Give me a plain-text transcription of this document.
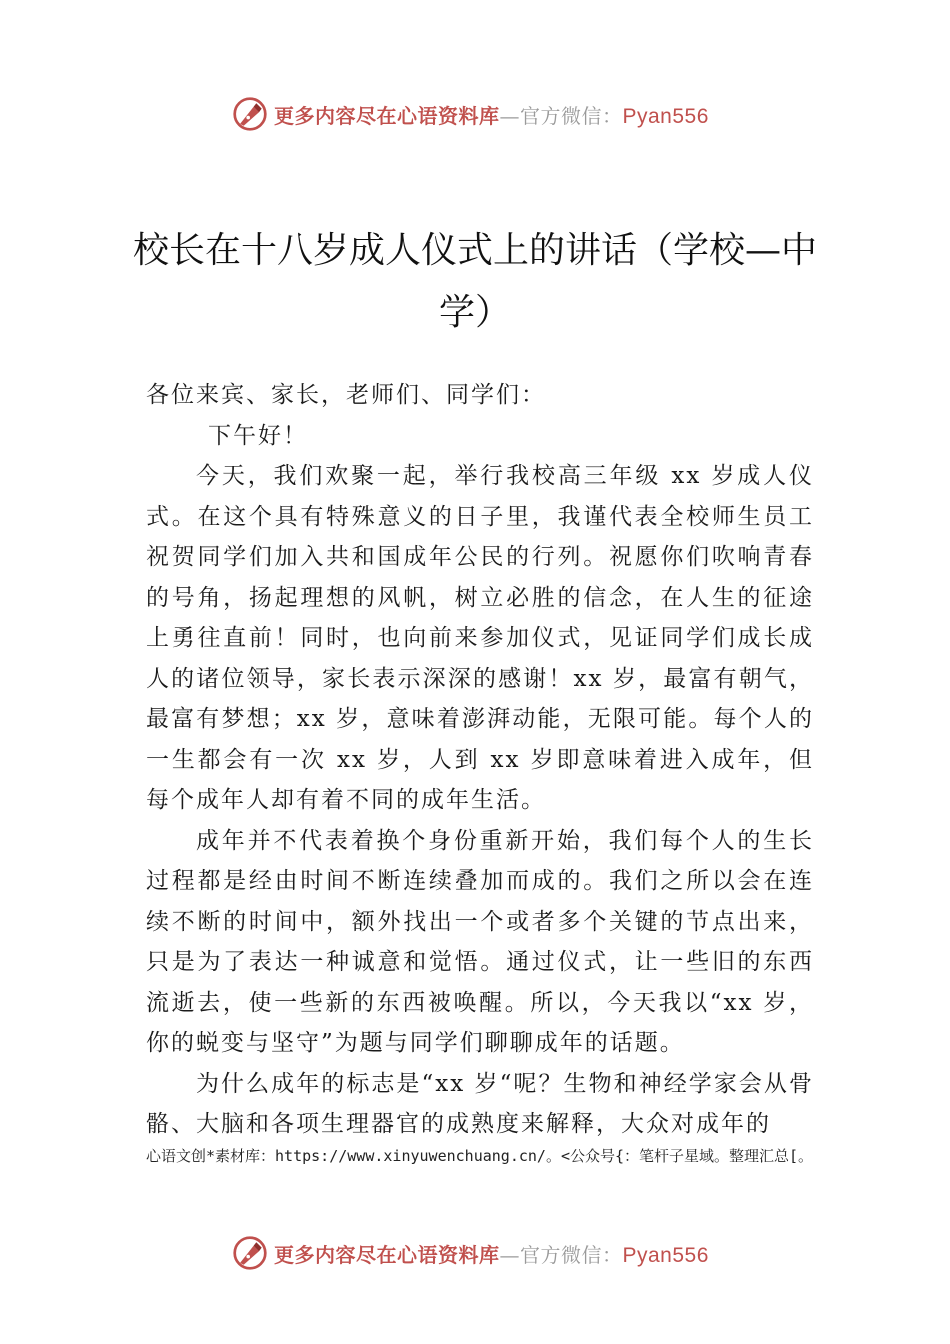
更多内容尽在心语资料库—官方微信：Pyan556
校长在十八岁成人仪式上的讲话（学校—中学）

各位来宾、家长，老师们、同学们：

下午好！

今天，我们欢聚一起，举行我校高三年级 xx 岁成人仪式。在这个具有特殊意义的日子里，我谨代表全校师生员工祝贺同学们加入共和国成年公民的行列。祝愿你们吹响青春的号角，扬起理想的风帆，树立必胜的信念，在人生的征途上勇往直前！同时，也向前来参加仪式，见证同学们成长成人的诸位领导，家长表示深深的感谢！xx 岁，最富有朝气，最富有梦想；xx 岁，意味着澎湃动能，无限可能。每个人的一生都会有一次 xx 岁，人到 xx 岁即意味着进入成年，但每个成年人却有着不同的成年生活。

成年并不代表着换个身份重新开始，我们每个人的生长过程都是经由时间不断连续叠加而成的。我们之所以会在连续不断的时间中，额外找出一个或者多个关键的节点出来， 只是为了表达一种诚意和觉悟。通过仪式，让一些旧的东西流逝去，使一些新的东西被唤醒。所以，今天我以“xx 岁，你的蜕变与坚守”为题与同学们聊聊成年的话题。

为什么成年的标志是“xx 岁“呢？生物和神经学家会从骨骼、大脑和各项生理器官的成熟度来解释，大众对成年的

心语文创*素材库：https://www.xinyuwenchuang.cn/。<公众号{：笔杆子星域。整理汇总[。
更多内容尽在心语资料库—官方微信：Pyan556
